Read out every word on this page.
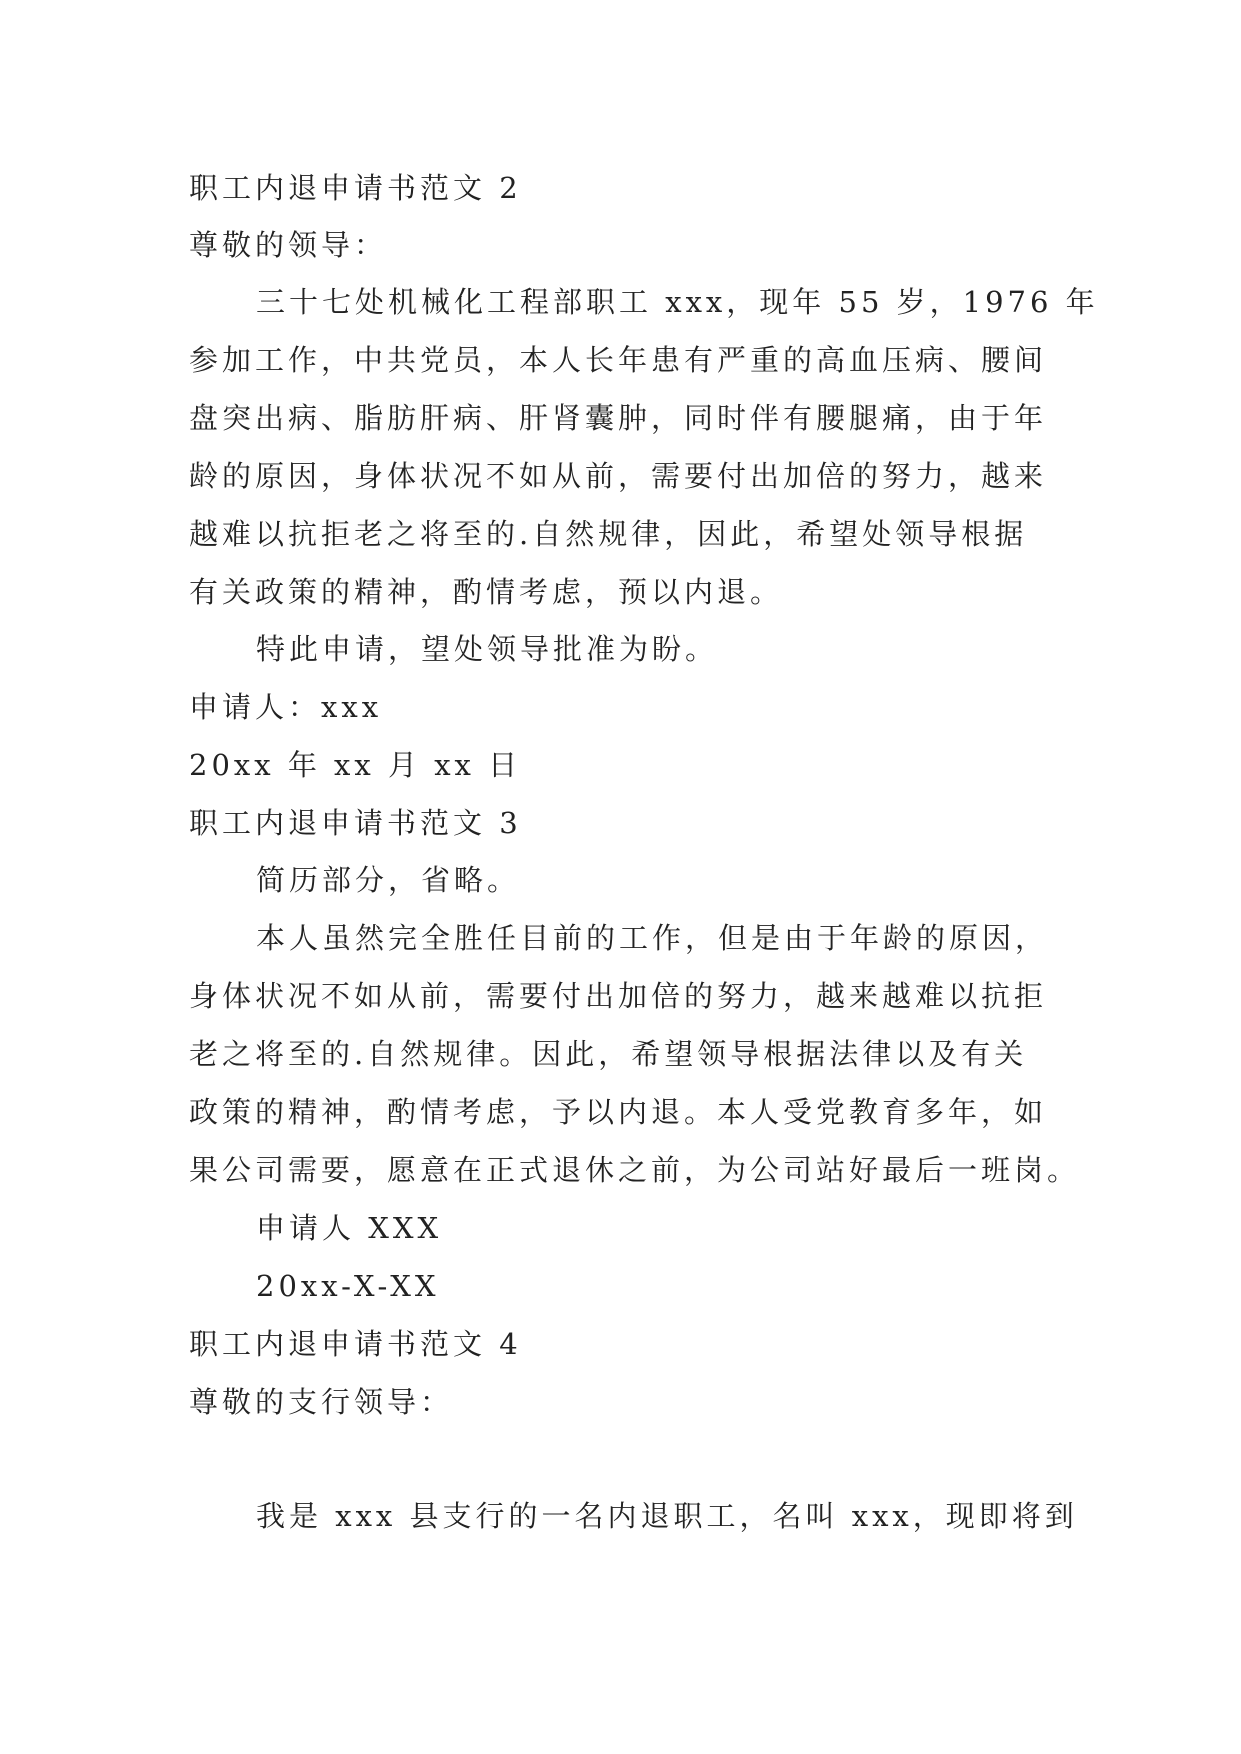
职工内退申请书范文 2
尊敬的领导：
三十七处机械化工程部职工 xxx，现年 55 岁，1976 年
参加工作，中共党员，本人长年患有严重的高血压病、腰间
盘突出病、脂肪肝病、肝肾囊肿，同时伴有腰腿痛，由于年
龄的原因，身体状况不如从前，需要付出加倍的努力，越来
越难以抗拒老之将至的.自然规律，因此，希望处领导根据
有关政策的精神，酌情考虑，预以内退。
特此申请，望处领导批准为盼。
申请人：xxx
20xx 年 xx 月 xx 日
职工内退申请书范文 3
简历部分，省略。
本人虽然完全胜任目前的工作，但是由于年龄的原因，
身体状况不如从前，需要付出加倍的努力，越来越难以抗拒
老之将至的.自然规律。因此，希望领导根据法律以及有关
政策的精神，酌情考虑，予以内退。本人受党教育多年，如
果公司需要，愿意在正式退休之前，为公司站好最后一班岗。
申请人 XXX
20xx-X-XX
职工内退申请书范文 4
尊敬的支行领导：
我是 xxx 县支行的一名内退职工，名叫 xxx，现即将到
